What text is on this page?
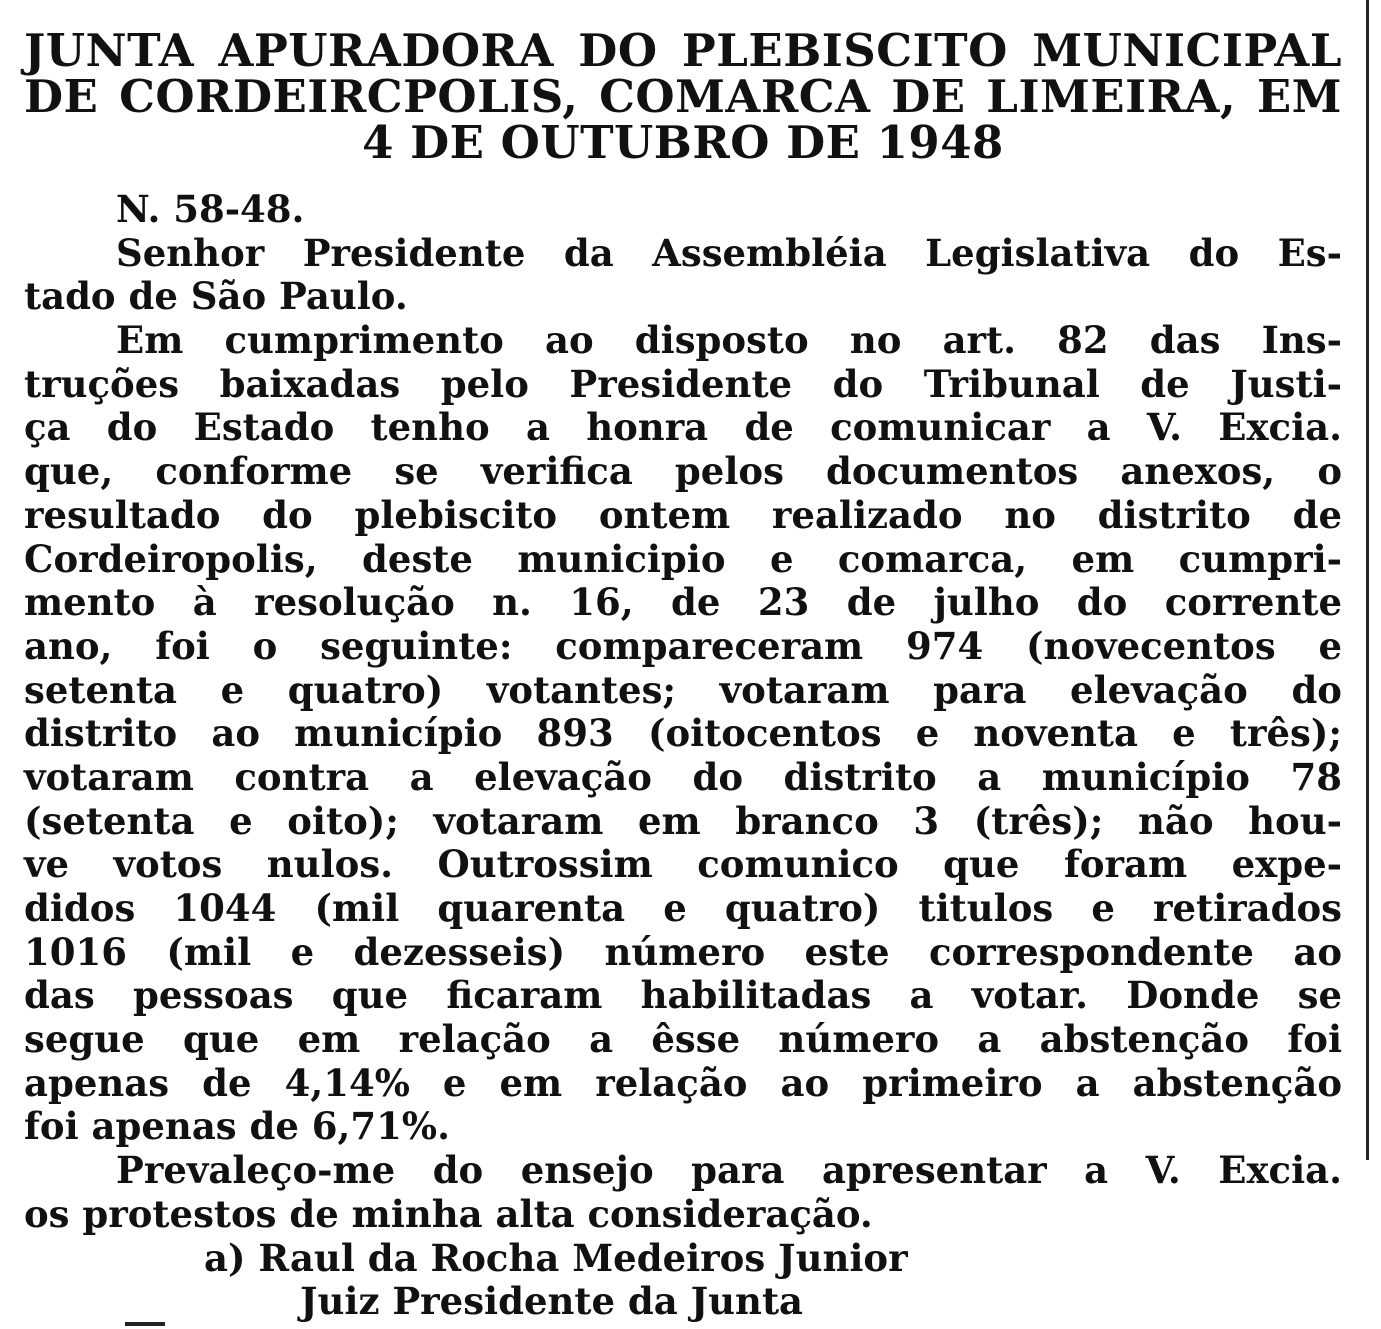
JUNTA APURADORA DO PLEBISCITO MUNICIPAL
DE CORDEIRCPOLIS, COMARCA DE LIMEIRA, EM
4 DE OUTUBRO DE 1948
N. 58-48.
Senhor Presidente da Assembléia Legislativa do Es-
tado de São Paulo.
Em cumprimento ao disposto no art. 82 das Ins-
truções baixadas pelo Presidente do Tribunal de Justi-
ça do Estado tenho a honra de comunicar a V. Excia.
que, conforme se verifica pelos documentos anexos, o
resultado do plebiscito ontem realizado no distrito de
Cordeiropolis, deste municipio e comarca, em cumpri-
mento à resolução n. 16, de 23 de julho do corrente
ano, foi o seguinte: compareceram 974 (novecentos e
setenta e quatro) votantes; votaram para elevação do
distrito ao município 893 (oitocentos e noventa e três);
votaram contra a elevação do distrito a município 78
(setenta e oito); votaram em branco 3 (três); não hou-
ve votos nulos. Outrossim comunico que foram expe-
didos 1044 (mil quarenta e quatro) titulos e retirados
1016 (mil e dezesseis) número este correspondente ao
das pessoas que ficaram habilitadas a votar. Donde se
segue que em relação a êsse número a abstenção foi
apenas de 4,14% e em relação ao primeiro a abstenção
foi apenas de 6,71%.
Prevaleço-me do ensejo para apresentar a V. Excia.
os protestos de minha alta consideração.
a) Raul da Rocha Medeiros Junior
Juiz Presidente da Junta
